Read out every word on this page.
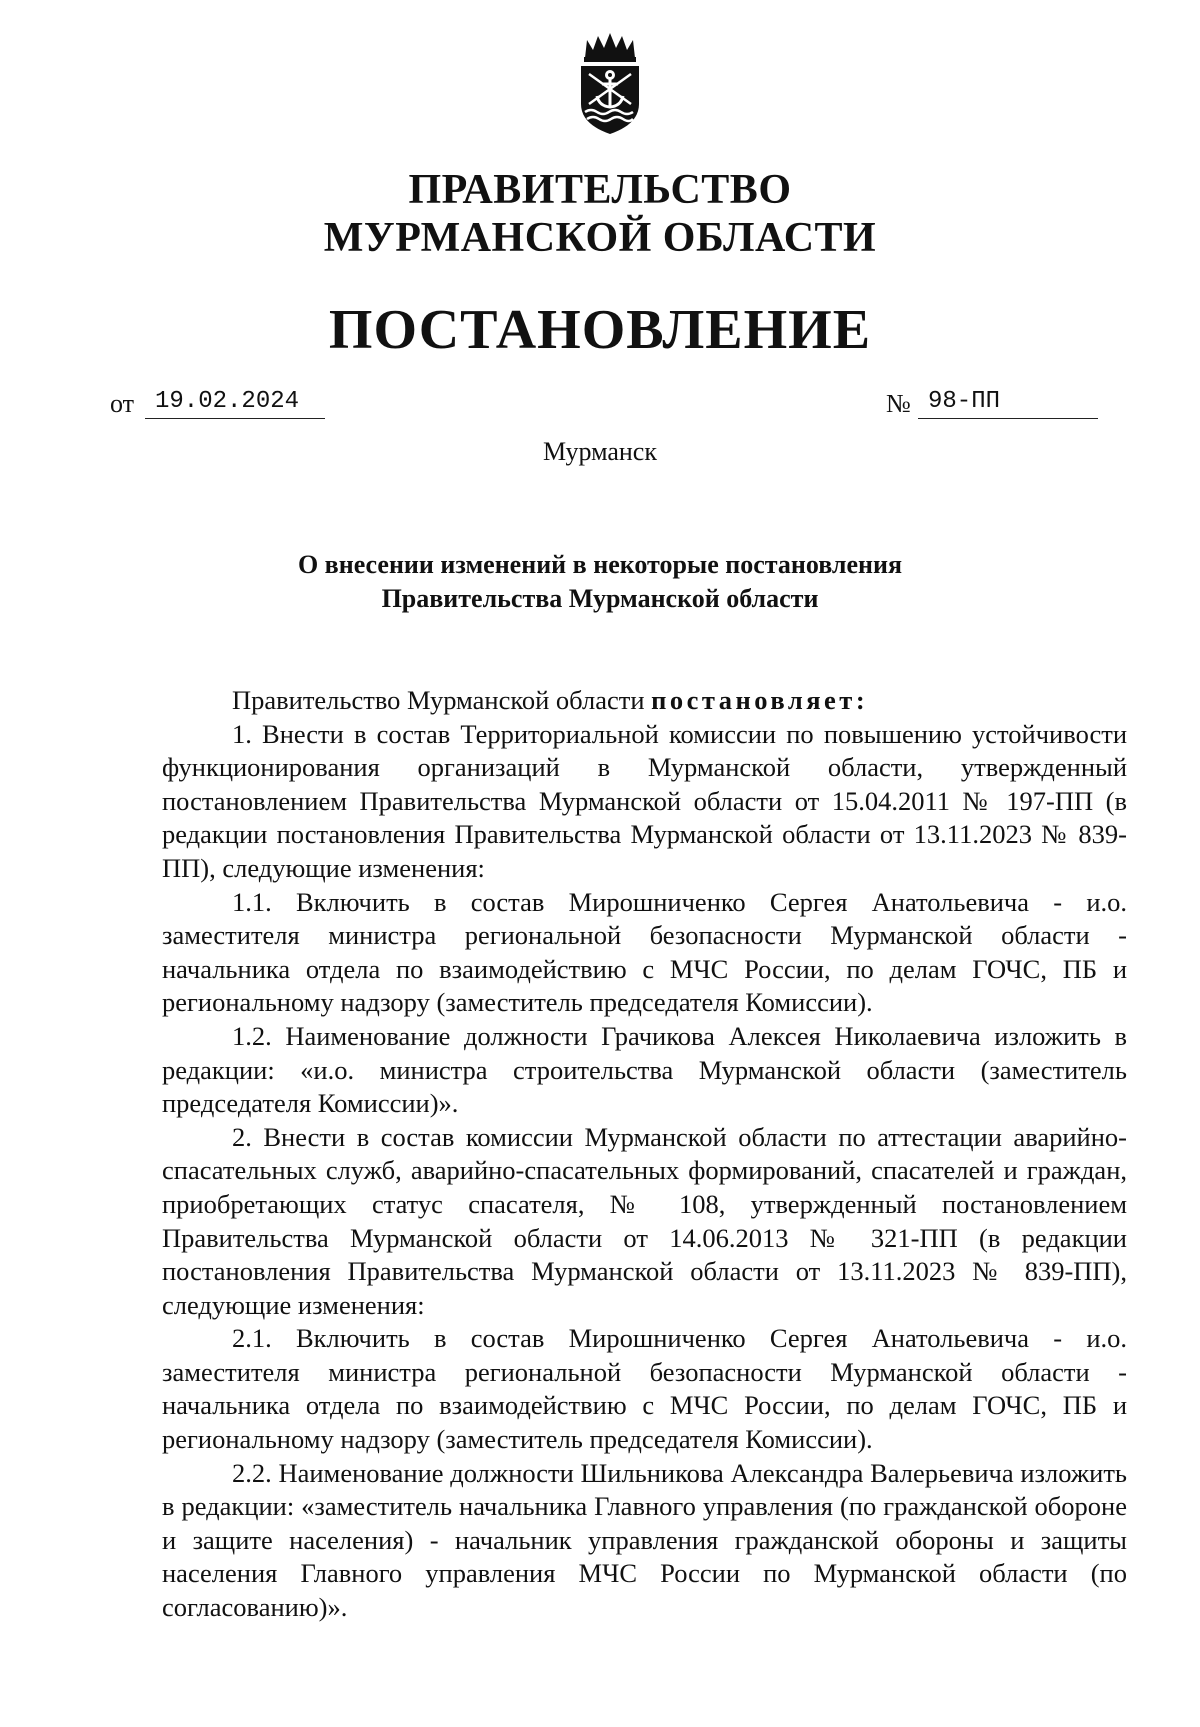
ПРАВИТЕЛЬСТВО
МУРМАНСКОЙ ОБЛАСТИ
ПОСТАНОВЛЕНИЕ
от 19.02.2024	№ 98-ПП
Мурманск
О внесении изменений в некоторые постановления
Правительства Мурманской области

Правительство Мурманской области постановляет:

1. Внести в состав Территориальной комиссии по повышению устойчивости функционирования организаций в Мурманской области, утвержденный постановлением Правительства Мурманской области от 15.04.2011 № 197-ПП (в редакции постановления Правительства Мурманской области от 13.11.2023 № 839-ПП), следующие изменения:

1.1. Включить в состав Мирошниченко Сергея Анатольевича - и.о. заместителя министра региональной безопасности Мурманской области - начальника отдела по взаимодействию с МЧС России, по делам ГОЧС, ПБ и региональному надзору (заместитель председателя Комиссии).

1.2. Наименование должности Грачикова Алексея Николаевича изложить в редакции: «и.о. министра строительства Мурманской области (заместитель председателя Комиссии)».

2. Внести в состав комиссии Мурманской области по аттестации аварийно-спасательных служб, аварийно-спасательных формирований, спасателей и граждан, приобретающих статус спасателя, № 108, утвержденный постановлением Правительства Мурманской области от 14.06.2013 № 321-ПП (в редакции постановления Правительства Мурманской области от 13.11.2023 № 839-ПП), следующие изменения:

2.1. Включить в состав Мирошниченко Сергея Анатольевича - и.о. заместителя министра региональной безопасности Мурманской области - начальника отдела по взаимодействию с МЧС России, по делам ГОЧС, ПБ и региональному надзору (заместитель председателя Комиссии).

2.2. Наименование должности Шильникова Александра Валерьевича изложить в редакции: «заместитель начальника Главного управления (по гражданской обороне и защите населения) - начальник управления гражданской обороны и защиты населения Главного управления МЧС России по Мурманской области (по согласованию)».
